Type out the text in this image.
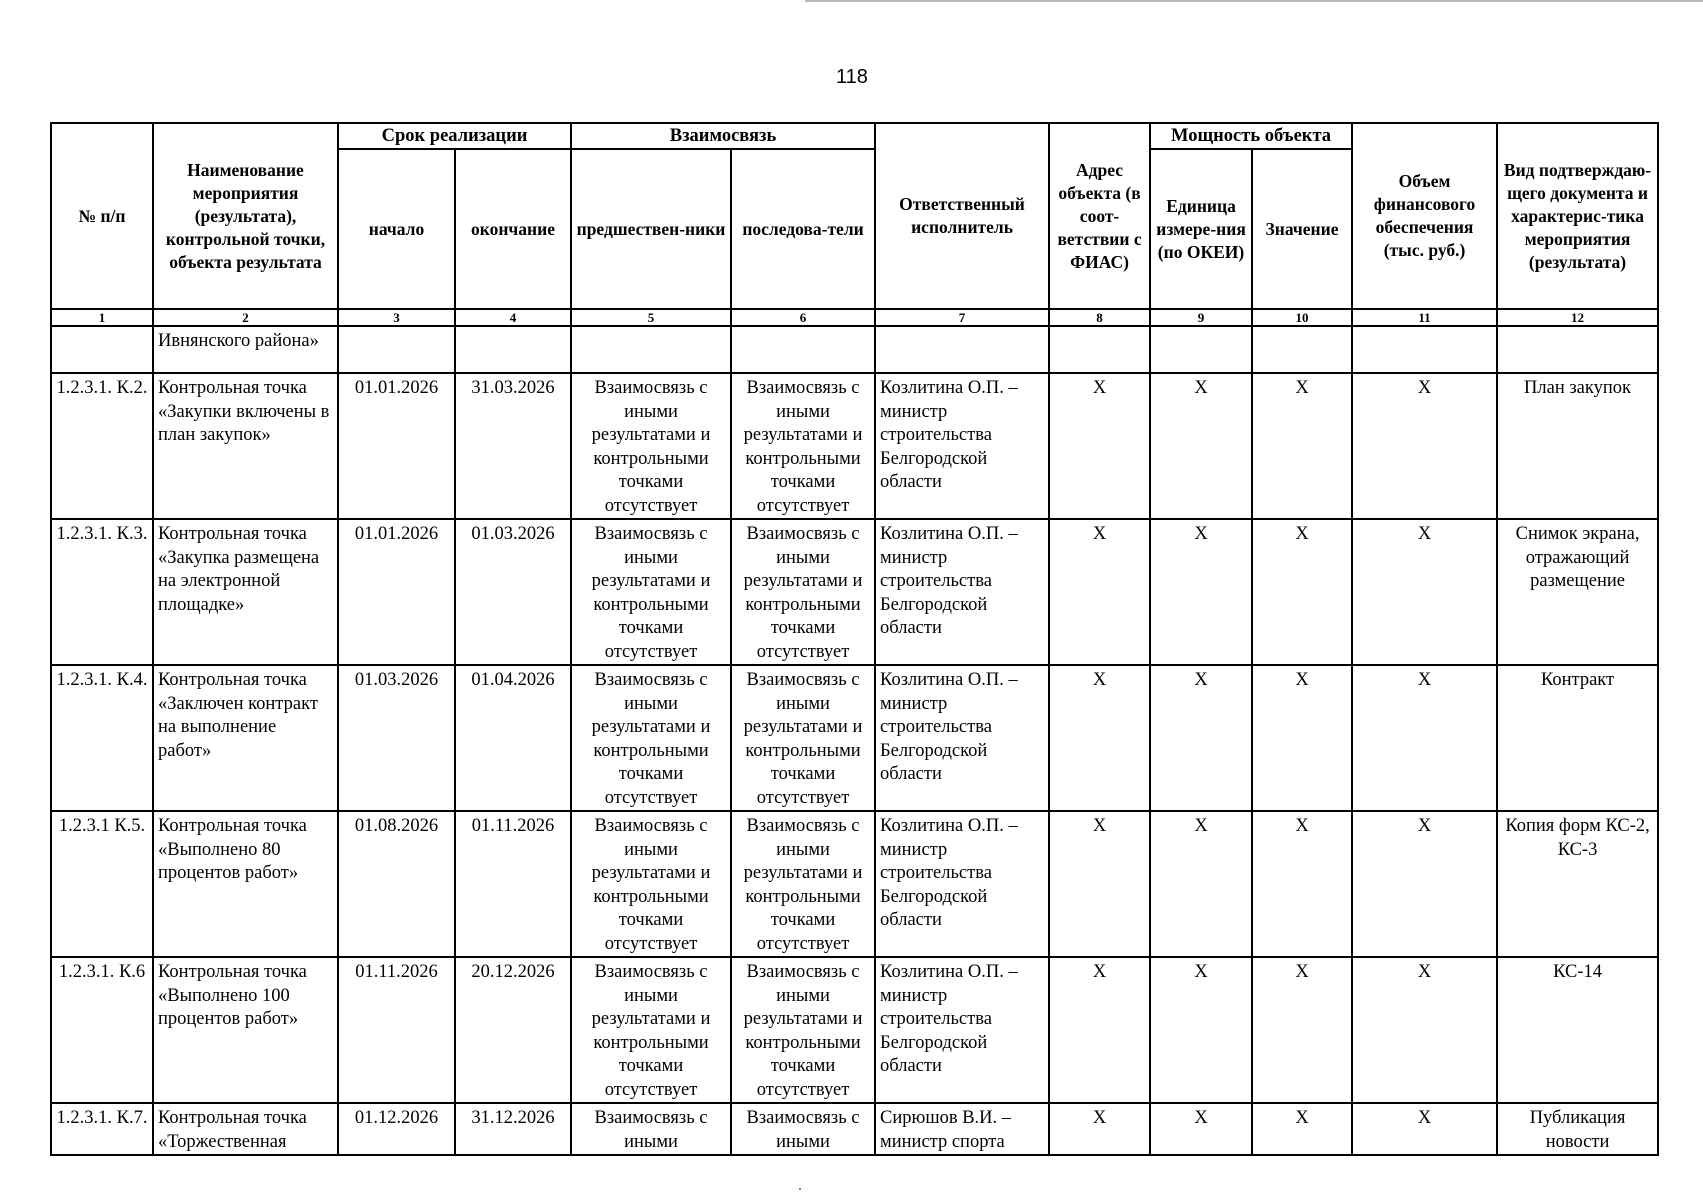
118
№ п/п	Наименование мероприятия (результата), контрольной точки, объекта результата	Срок реализации		Взаимосвязь		Ответственный исполнитель	Адрес объекта (в соот-ветствии с ФИАС)	Мощность объекта		Объем финансового обеспечения (тыс. руб.)	Вид подтверждаю-щего документа и характерис-тика мероприятия (результата)
		начало	окончание	предшествен-ники	последова-тели			Единица измере-ния (по ОКЕИ)	Значение		
1	2	3	4	5	6	7	8	9	10	11	12
	Ивнянского района»										
1.2.3.1. К.2.	Контрольная точка «Закупки включены в план закупок»	01.01.2026	31.03.2026	Взаимосвязь с иными результатами и контрольными точками отсутствует	Взаимосвязь с иными результатами и контрольными точками отсутствует	Козлитина О.П. – министр строительства Белгородской области	Х	Х	Х	Х	План закупок
1.2.3.1. К.3.	Контрольная точка «Закупка размещена на электронной площадке»	01.01.2026	01.03.2026	Взаимосвязь с иными результатами и контрольными точками отсутствует	Взаимосвязь с иными результатами и контрольными точками отсутствует	Козлитина О.П. – министр строительства Белгородской области	Х	Х	Х	Х	Снимок экрана, отражающий размещение
1.2.3.1. К.4.	Контрольная точка «Заключен контракт на выполнение работ»	01.03.2026	01.04.2026	Взаимосвязь с иными результатами и контрольными точками отсутствует	Взаимосвязь с иными результатами и контрольными точками отсутствует	Козлитина О.П. – министр строительства Белгородской области	Х	Х	Х	Х	Контракт
1.2.3.1 К.5.	Контрольная точка «Выполнено 80 процентов работ»	01.08.2026	01.11.2026	Взаимосвязь с иными результатами и контрольными точками отсутствует	Взаимосвязь с иными результатами и контрольными точками отсутствует	Козлитина О.П. – министр строительства Белгородской области	Х	Х	Х	Х	Копия форм КС-2, КС-3
1.2.3.1. К.6	Контрольная точка «Выполнено 100 процентов работ»	01.11.2026	20.12.2026	Взаимосвязь с иными результатами и контрольными точками отсутствует	Взаимосвязь с иными результатами и контрольными точками отсутствует	Козлитина О.П. – министр строительства Белгородской области	Х	Х	Х	Х	КС-14
1.2.3.1. К.7.	Контрольная точка «Торжественная	01.12.2026	31.12.2026	Взаимосвязь с иными	Взаимосвязь с иными	Сирюшов В.И. – министр спорта	Х	Х	Х	Х	Публикация новости
